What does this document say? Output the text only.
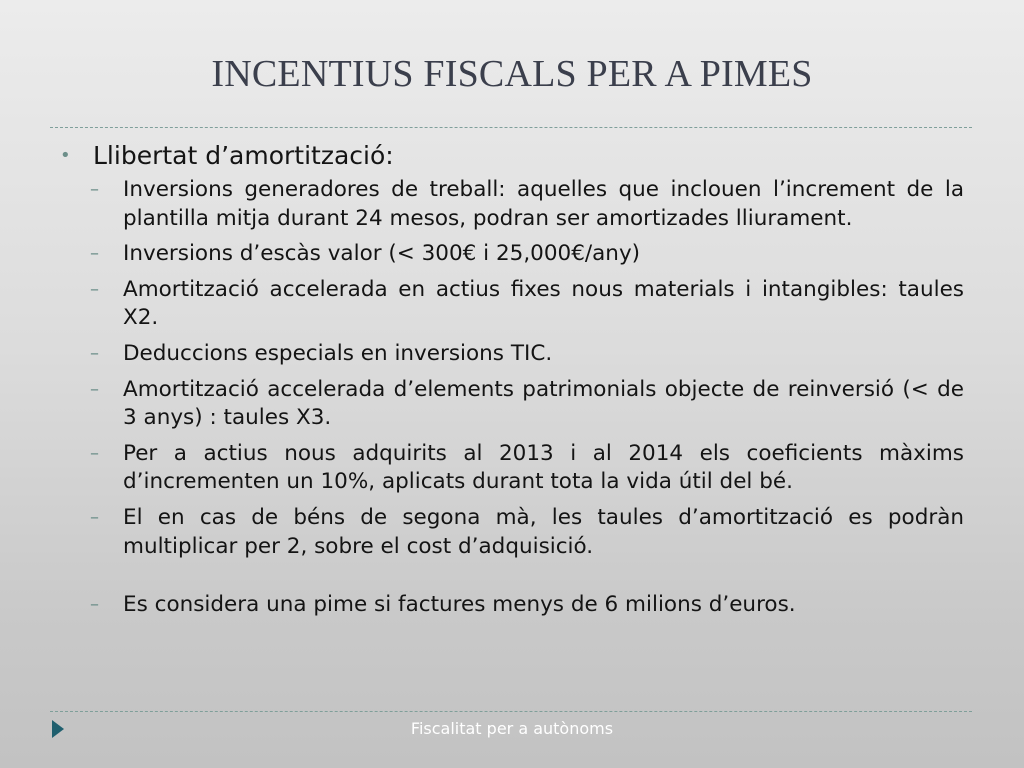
INCENTIUS FISCALS PER A PIMES
• Llibertat d’amortització:
– Inversions generadores de treball: aquelles que inclouen l’increment de la plantilla mitja durant 24 mesos, podran ser amortizades lliurament.
– Inversions d’escàs valor (< 300€ i 25,000€/any)
– Amortització accelerada en actius fixes nous materials i intangibles: taules X2.
– Deduccions especials en inversions TIC.
– Amortització accelerada d’elements patrimonials objecte de reinversió (< de 3 anys) : taules X3.
– Per a actius nous adquirits al 2013 i al 2014 els coeficients màxims d’incrementen un 10%, aplicats durant tota la vida útil del bé.
– El en cas de béns de segona mà, les taules d’amortització es podràn multiplicar per 2, sobre el cost d’adquisició.
– Es considera una pime si factures menys de 6 milions d’euros.
Fiscalitat per a autònoms
